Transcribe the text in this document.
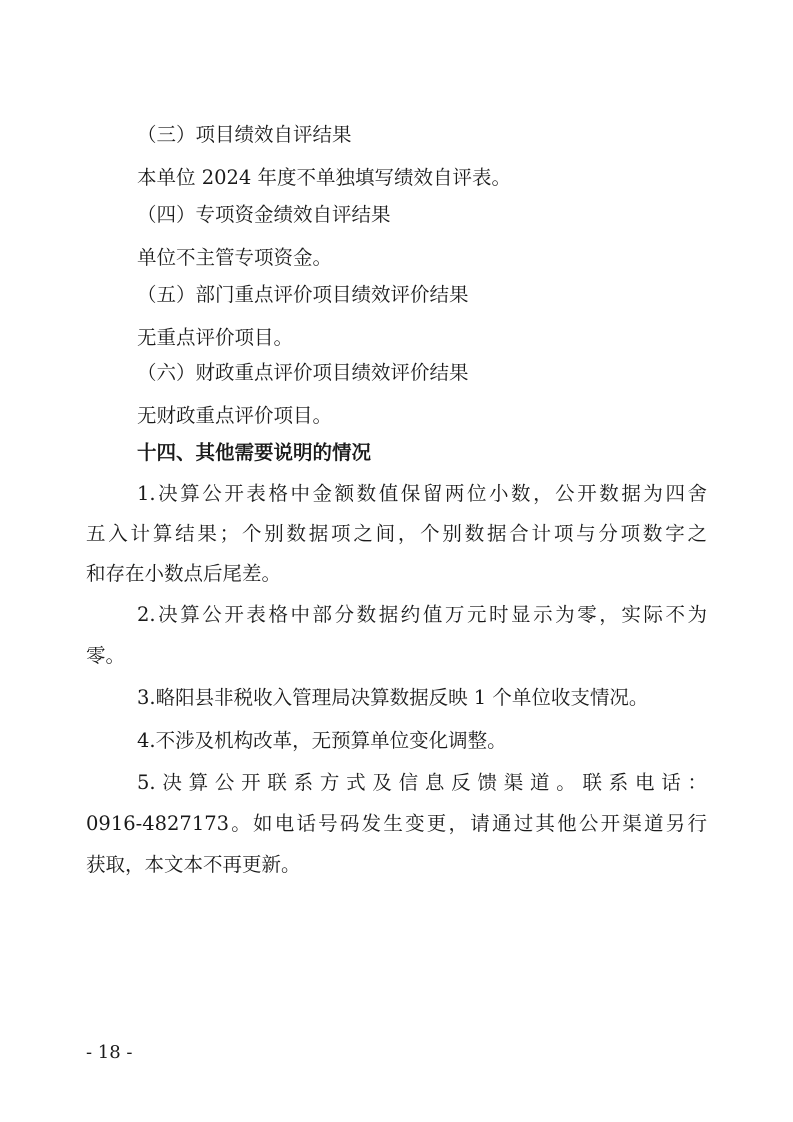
（三）项目绩效自评结果

本单位 2024 年度不单独填写绩效自评表。

（四）专项资金绩效自评结果

单位不主管专项资金。

（五）部门重点评价项目绩效评价结果

无重点评价项目。

（六）财政重点评价项目绩效评价结果

无财政重点评价项目。

十四、其他需要说明的情况

1.决算公开表格中金额数值保留两位小数，公开数据为四舍

五入计算结果；个别数据项之间，个别数据合计项与分项数字之

和存在小数点后尾差。

2.决算公开表格中部分数据约值万元时显示为零，实际不为

零。

3.略阳县非税收入管理局决算数据反映 1 个单位收支情况。

4.不涉及机构改革，无预算单位变化调整。

5.决算公开联系方式及信息反馈渠道。联系电话：

0916-4827173。如电话号码发生变更，请通过其他公开渠道另行

获取，本文本不再更新。

- 18 -
